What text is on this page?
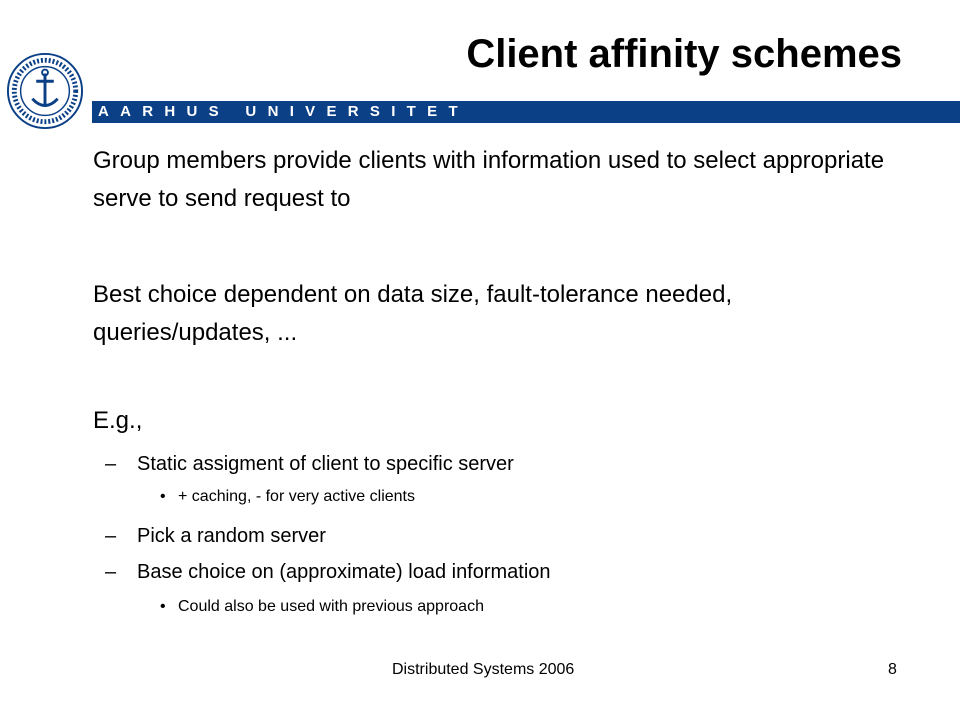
AARHUS UNIVERSITET
Client affinity schemes
Group members provide clients with information used to select appropriate serve to send request to
Best choice dependent on data size, fault-tolerance needed, queries/updates, ...
E.g.,
– Static assigment of client to specific server
• + caching, - for very active clients
– Pick a random server
– Base choice on (approximate) load information
• Could also be used with previous approach
Distributed Systems 2006	8
